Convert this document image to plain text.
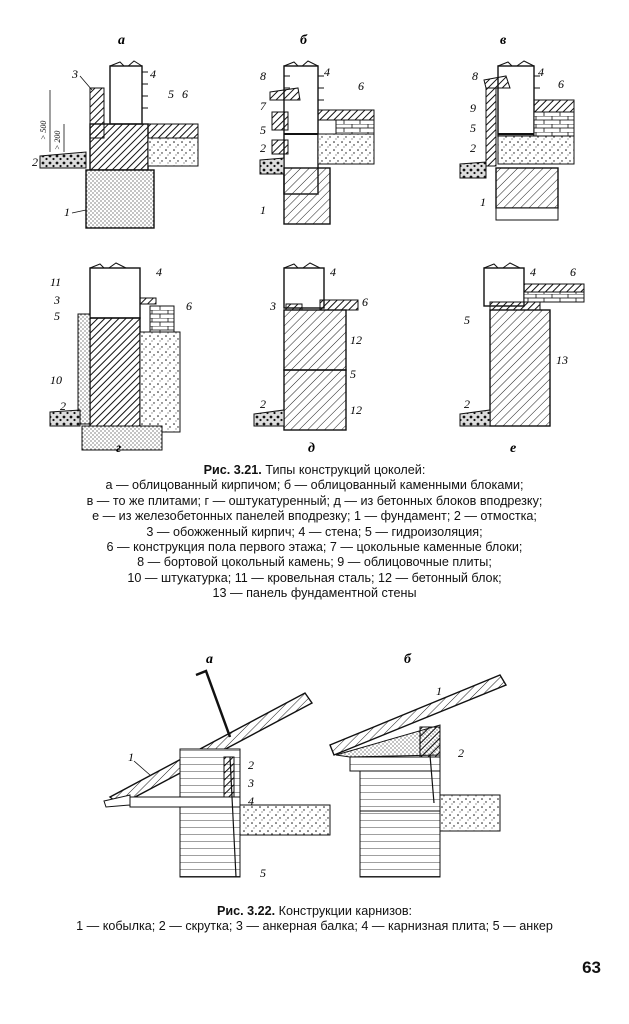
а
3	4
5 6
2
1
> 500
> 200
б
8	4
6
7
5
2
1
в
8	4
6
9
5
2
1
11
3
5
10
2
4
6
г
4
3	6
12
5
2	12
д
4	6
5
13
2
е
Рис. 3.21. Типы конструкций цоколей:
а — облицованный кирпичом; б — облицованный каменными блоками;
в — то же плитами; г — оштукатуренный; д — из бетонных блоков вподрезку;
е — из железобетонных панелей вподрезку; 1 — фундамент; 2 — отмостка;
3 — обожженный кирпич; 4 — стена; 5 — гидроизоляция;
6 — конструкция пола первого этажа; 7 — цокольные каменные блоки;
8 — бортовой цокольный камень; 9 — облицовочные плиты;
10 — штукатурка; 11 — кровельная сталь; 12 — бетонный блок;
13 — панель фундаментной стены
а
1
2
3
4
5
б
1
2
Рис. 3.22. Конструкции карнизов:
1 — кобылка; 2 — скрутка; 3 — анкерная балка; 4 — карнизная плита; 5 — анкер
63
